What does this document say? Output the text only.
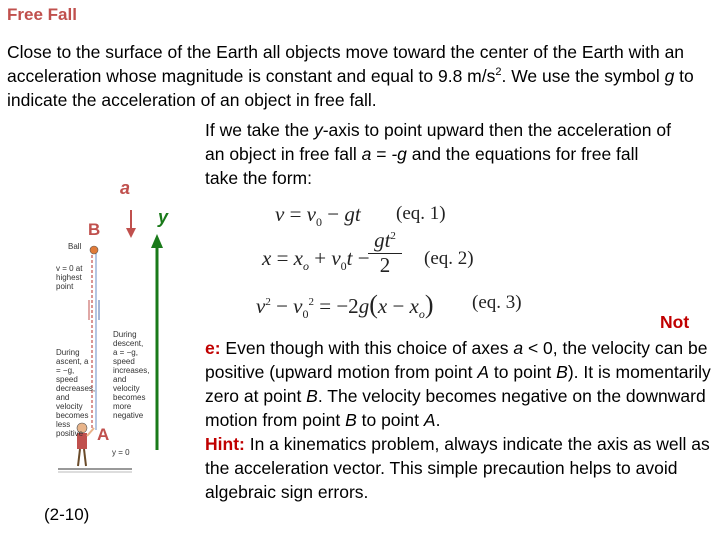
Free Fall
Close to the surface of the Earth all objects move toward the center of the Earth with an acceleration whose magnitude is constant and equal to 9.8 $m/s^2$. We use the symbol g to indicate the acceleration of an object in free fall.
If we take the y-axis to point upward then the acceleration of an object in free fall a = -g and the equations for free fall take the form:
a
y
B
A
(2-10)
Ball
v = 0 at highest point
During descent, a = −g, speed increases, and velocity becomes more negative
During ascent, a = −g, speed decreases, and velocity becomes less positive
y = 0
$v = v_0$ − gt (eq. 1)
$x = x_o + v_0t$ −
$gt^2$
2	(eq. 2)
$v^2 - v_0^2 = -2g(x - x_o)$ (eq. 3)
Not
e: Even though with this choice of axes a < 0, the velocity can be positive (upward motion from point A to point B). It is momentarily zero at point B. The velocity becomes negative on the downward motion from point B to point A.
Hint: In a kinematics problem, always indicate the axis as well as the acceleration vector. This simple precaution helps to avoid algebraic sign errors.
